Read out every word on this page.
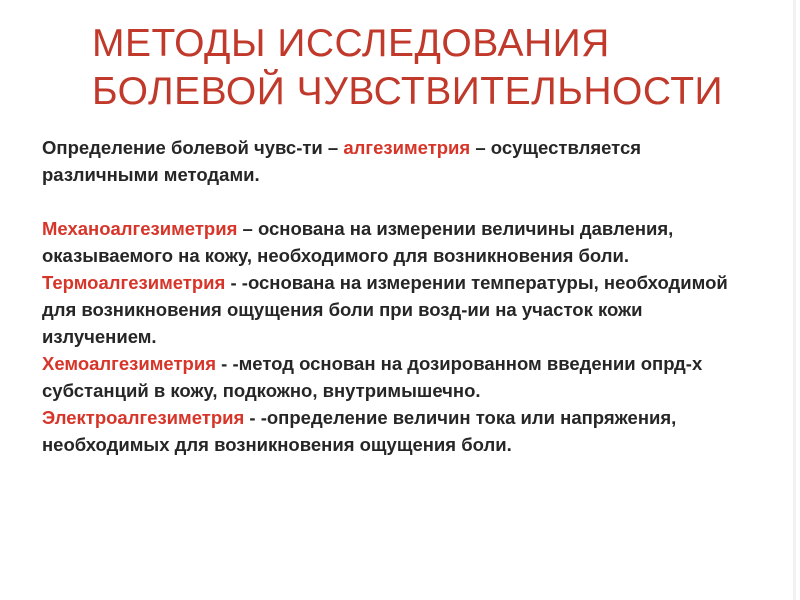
МЕТОДЫ ИССЛЕДОВАНИЯ
БОЛЕВОЙ ЧУВСТВИТЕЛЬНОСТИ

Определение болевой чувс-ти – алгезиметрия – осуществляется различными методами.

Механоалгезиметрия – основана на измерении величины давления, оказываемого на кожу, необходимого для возникновения боли.

Термоалгезиметрия - -основана на измерении температуры, необходимой для возникновения ощущения боли при возд-ии на участок кожи излучением.

Хемоалгезиметрия - -метод основан на дозированном введении опрд-х субстанций в кожу, подкожно, внутримышечно.

Электроалгезиметрия - -определение величин тока или напряжения, необходимых для возникновения ощущения боли.
